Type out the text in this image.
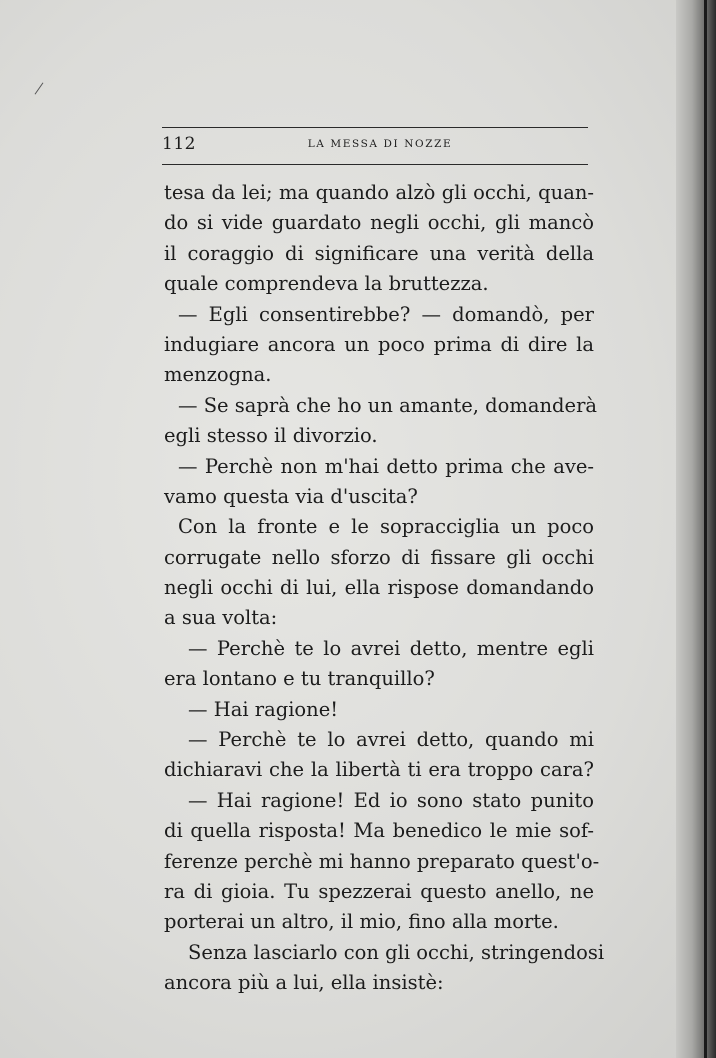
112	LA MESSA DI NOZZE
tesa da lei; ma quando alzò gli occhi, quan-
do si vide guardato negli occhi, gli mancò
il coraggio di significare una verità della
quale comprendeva la bruttezza.
— Egli consentirebbe? — domandò, per
indugiare ancora un poco prima di dire la
menzogna.
— Se saprà che ho un amante, domanderà
egli stesso il divorzio.
— Perchè non m'hai detto prima che ave-
vamo questa via d'uscita?
Con la fronte e le sopracciglia un poco
corrugate nello sforzo di fissare gli occhi
negli occhi di lui, ella rispose domandando
a sua volta:
— Perchè te lo avrei detto, mentre egli
era lontano e tu tranquillo?
— Hai ragione!
— Perchè te lo avrei detto, quando mi
dichiaravi che la libertà ti era troppo cara?
— Hai ragione! Ed io sono stato punito
di quella risposta! Ma benedico le mie sof-
ferenze perchè mi hanno preparato quest'o-
ra di gioia. Tu spezzerai questo anello, ne
porterai un altro, il mio, fino alla morte.
Senza lasciarlo con gli occhi, stringendosi
ancora più a lui, ella insistè:
